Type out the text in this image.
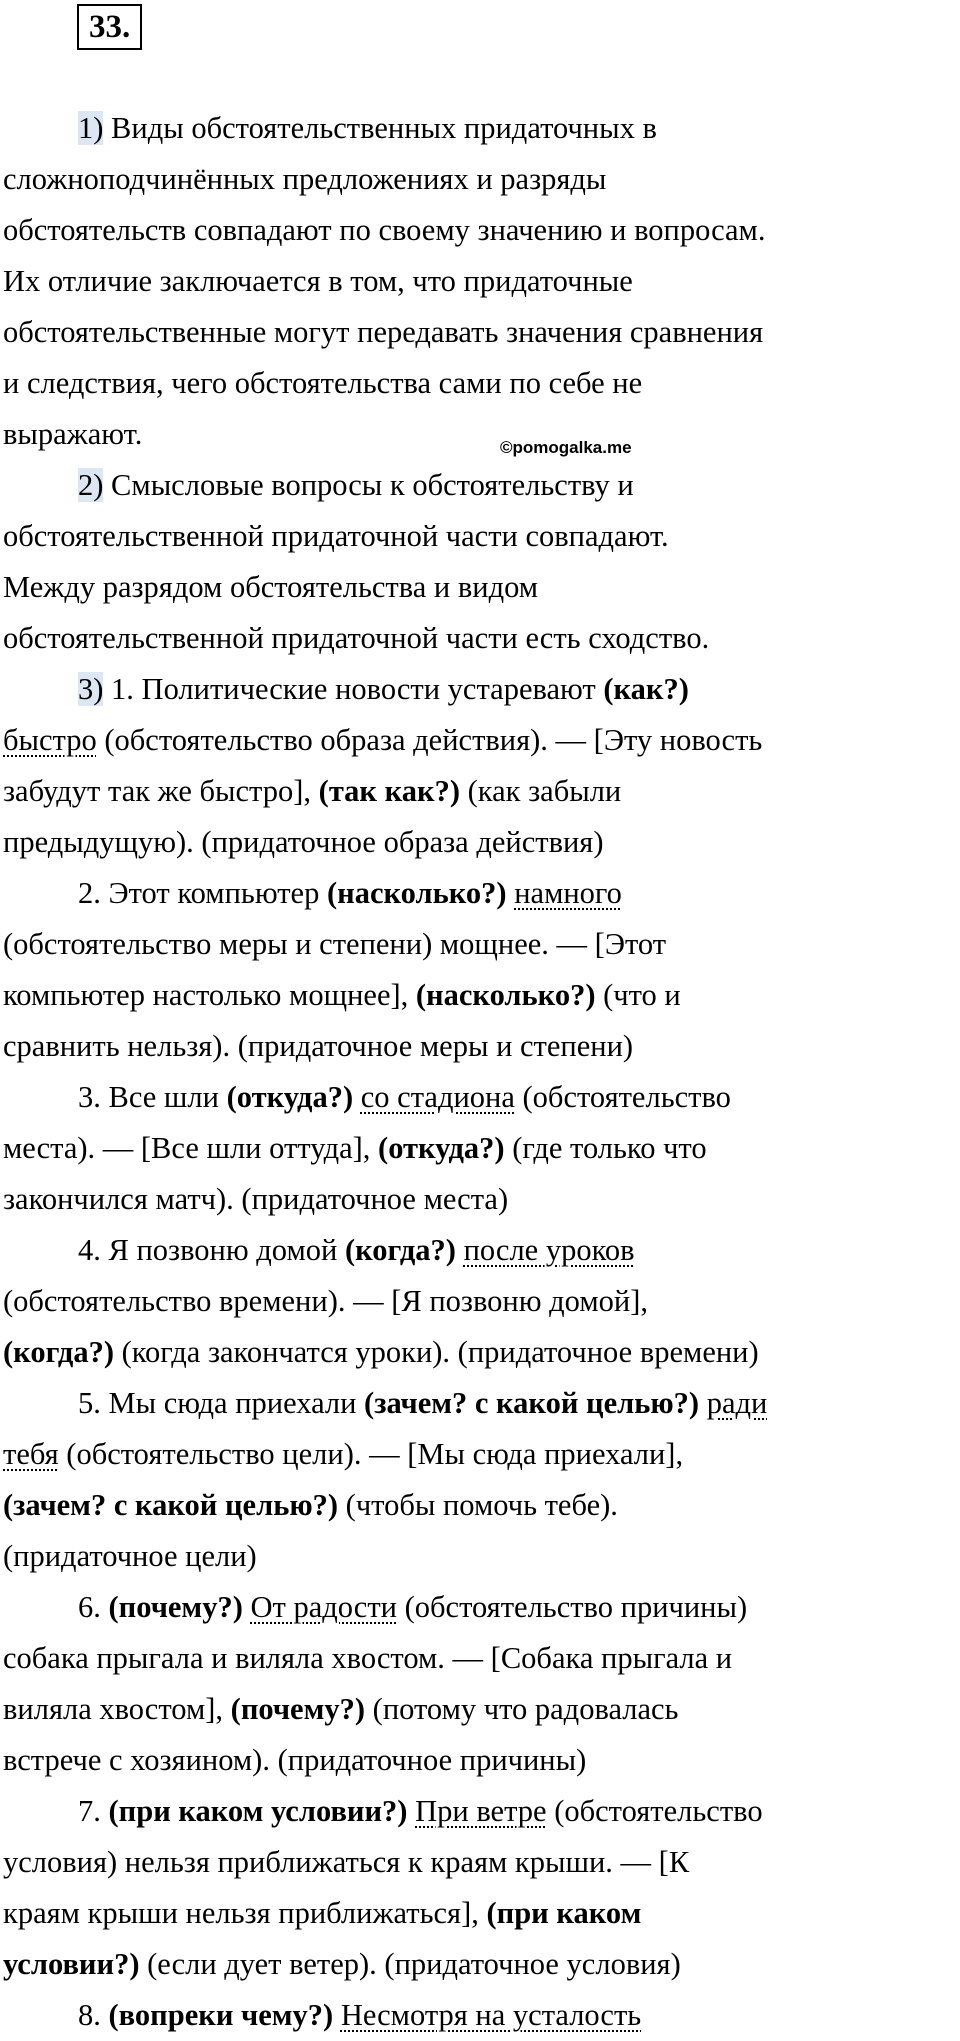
33.

1) Виды обстоятельственных придаточных в

сложноподчинённых предложениях и разряды

обстоятельств совпадают по своему значению и вопросам.

Их отличие заключается в том, что придаточные

обстоятельственные могут передавать значения сравнения

и следствия, чего обстоятельства сами по себе не

выражают.

2) Смысловые вопросы к обстоятельству и

обстоятельственной придаточной части совпадают.

Между разрядом обстоятельства и видом

обстоятельственной придаточной части есть сходство.

3) 1. Политические новости устаревают (как?)

быстро (обстоятельство образа действия). — [Эту новость

забудут так же быстро], (так как?) (как забыли

предыдущую). (придаточное образа действия)

2. Этот компьютер (насколько?) намного

(обстоятельство меры и степени) мощнее. — [Этот

компьютер настолько мощнее], (насколько?) (что и

сравнить нельзя). (придаточное меры и степени)

3. Все шли (откуда?) со стадиона (обстоятельство

места). — [Все шли оттуда], (откуда?) (где только что

закончился матч). (придаточное места)

4. Я позвоню домой (когда?) после уроков

(обстоятельство времени). — [Я позвоню домой],

(когда?) (когда закончатся уроки). (придаточное времени)

5. Мы сюда приехали (зачем? с какой целью?) ради

тебя (обстоятельство цели). — [Мы сюда приехали],

(зачем? с какой целью?) (чтобы помочь тебе).

(придаточное цели)

6. (почему?) От радости (обстоятельство причины)

собака прыгала и виляла хвостом. — [Собака прыгала и

виляла хвостом], (почему?) (потому что радовалась

встрече с хозяином). (придаточное причины)

7. (при каком условии?) При ветре (обстоятельство

условия) нельзя приближаться к краям крыши. — [К

краям крыши нельзя приближаться], (при каком

условии?) (если дует ветер). (придаточное условия)

8. (вопреки чему?) Несмотря на усталость

©pomogalka.me
